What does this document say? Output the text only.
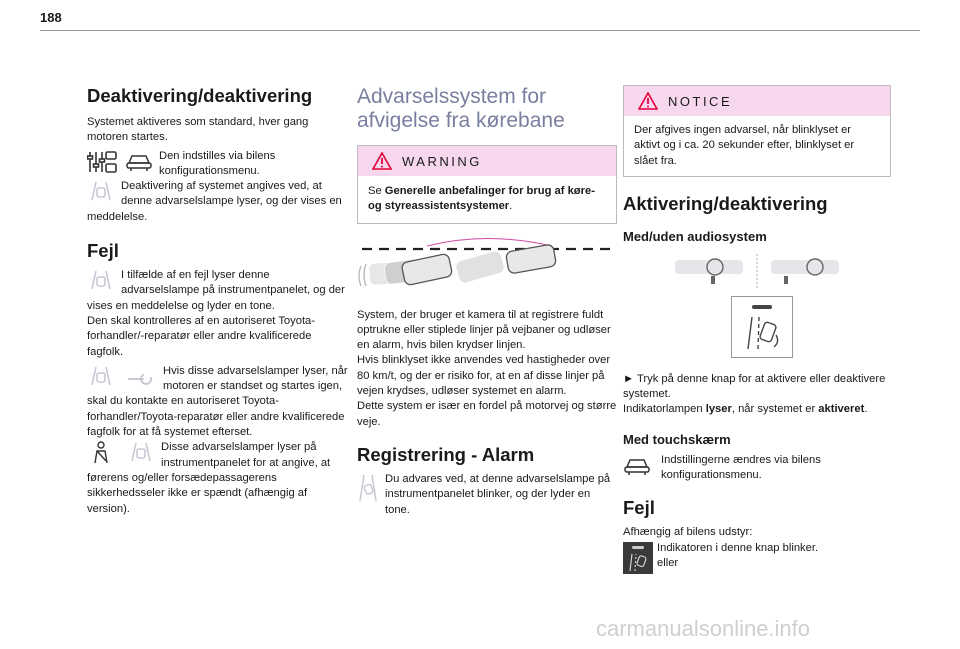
188
Deaktivering/deaktivering

Systemet aktiveres som standard, hver gang motoren startes.

Den indstilles via bilens konfigurationsmenu.

Deaktivering af systemet angives ved, at denne advarselslampe lyser, og der vises en meddelelse.

Fejl

I tilfælde af en fejl lyser denne advarselslampe på instrumentpanelet, og der vises en meddelelse og lyder en tone.

Den skal kontrolleres af en autoriseret Toyota-forhandler/-reparatør eller andre kvalificerede fagfolk.

Hvis disse advarselslamper lyser, når motoren er standset og startes igen, skal du kontakte en autoriseret Toyota-forhandler/Toyota-reparatør eller andre kvalificerede fagfolk for at få systemet efterset.

Disse advarselslamper lyser på instrumentpanelet for at angive, at førerens og/eller forsædepassagerens sikkerhedsseler ikke er spændt (afhængig af version).

Advarselssystem for afvigelse fra kørebane
WARNING

Se Generelle anbefalinger for brug af køre- og styreassistentsystemer.

System, der bruger et kamera til at registrere fuldt optrukne eller stiplede linjer på vejbaner og udløser en alarm, hvis bilen krydser linjen.

Hvis blinklyset ikke anvendes ved hastigheder over 80 km/t, og der er risiko for, at en af disse linjer på vejen krydses, udløser systemet en alarm.

Dette system er især en fordel på motorvej og større veje.

Registrering - Alarm

Du advares ved, at denne advarselslampe på instrumentpanelet blinker, og der lyder en tone.

NOTICE

Der afgives ingen advarsel, når blinklyset er aktivt og i ca. 20 sekunder efter, blinklyset er slået fra.

Aktivering/deaktivering
Med/uden audiosystem

► Tryk på denne knap for at aktivere eller deaktivere systemet.

Indikatorlampen lyser, når systemet er aktiveret.

Med touchskærm

Indstillingerne ændres via bilens konfigurationsmenu.

Fejl

Afhængig af bilens udstyr:

Indikatoren i denne knap blinker.

eller

carmanualsonline.info
